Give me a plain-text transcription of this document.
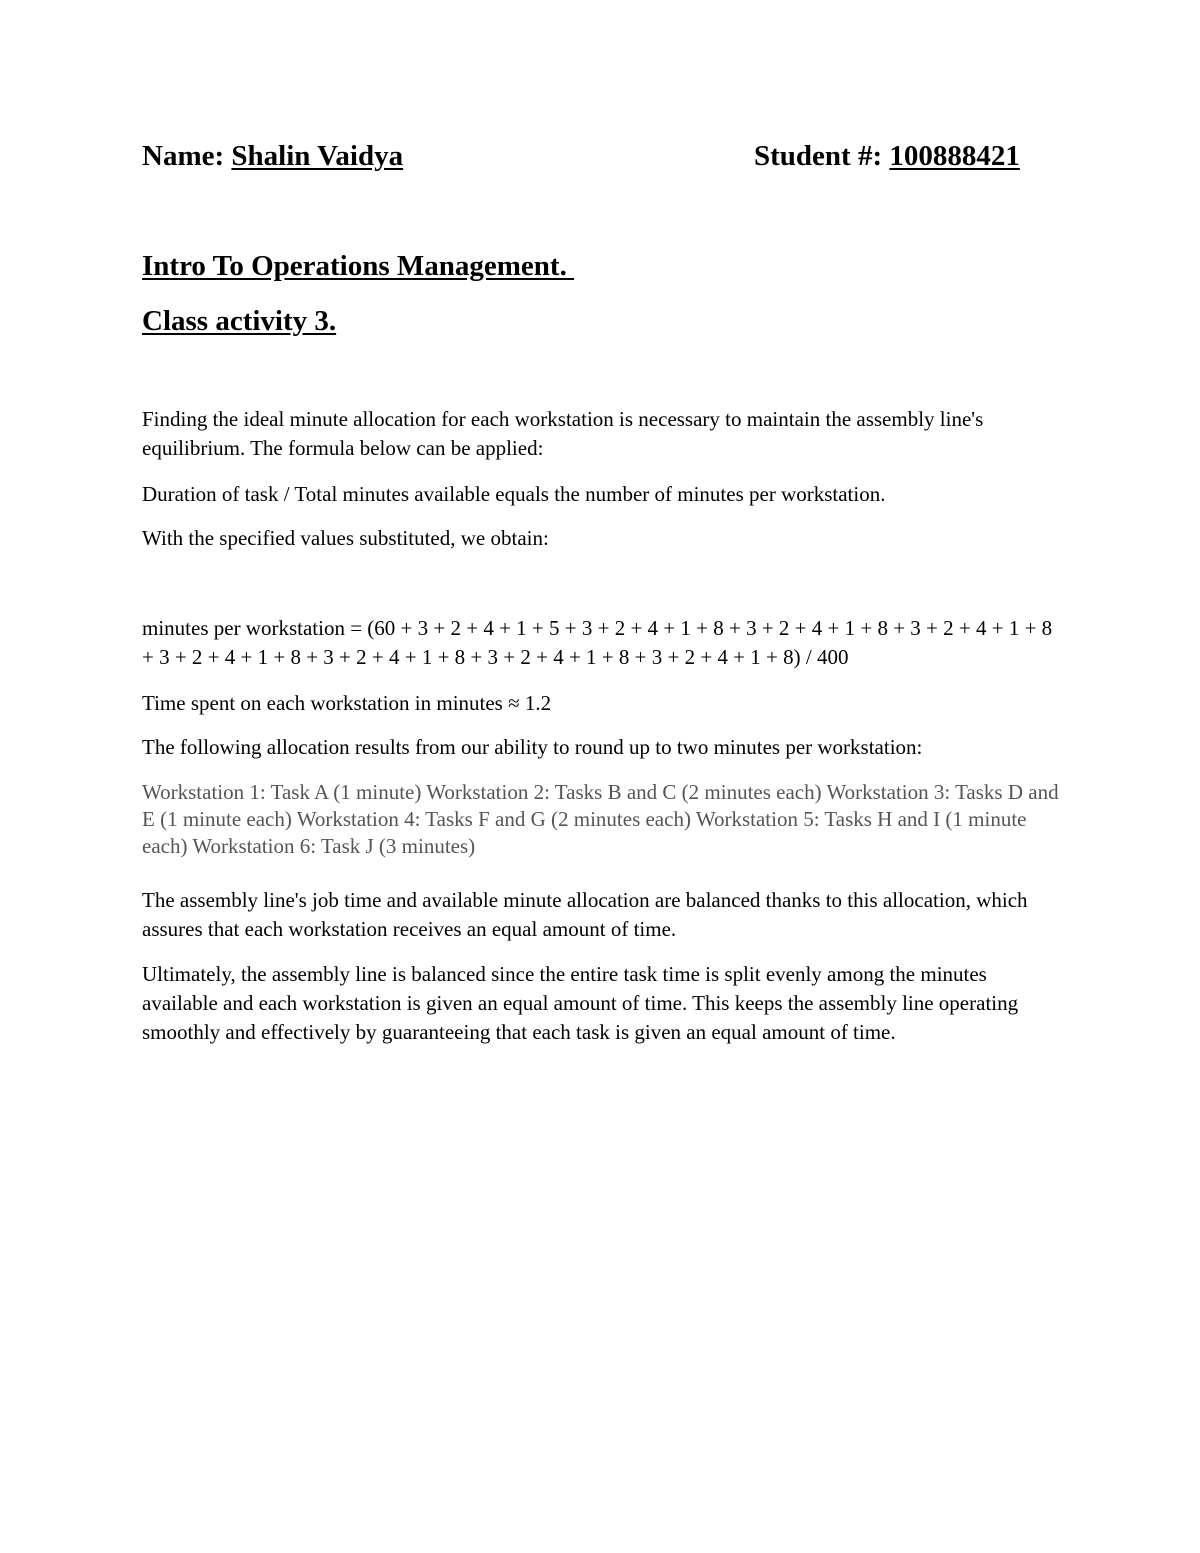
Name: Shalin Vaidya	Student #: 100888421
Intro To Operations Management.
Class activity 3.

Finding the ideal minute allocation for each workstation is necessary to maintain the assembly line's equilibrium. The formula below can be applied:

Duration of task / Total minutes available equals the number of minutes per workstation.

With the specified values substituted, we obtain:

minutes per workstation = (60 + 3 + 2 + 4 + 1 + 5 + 3 + 2 + 4 + 1 + 8 + 3 + 2 + 4 + 1 + 8 + 3 + 2 + 4 + 1 + 8 + 3 + 2 + 4 + 1 + 8 + 3 + 2 + 4 + 1 + 8 + 3 + 2 + 4 + 1 + 8 + 3 + 2 + 4 + 1 + 8) / 400

Time spent on each workstation in minutes ≈ 1.2

The following allocation results from our ability to round up to two minutes per workstation:

Workstation 1: Task A (1 minute) Workstation 2: Tasks B and C (2 minutes each) Workstation 3: Tasks D and E (1 minute each) Workstation 4: Tasks F and G (2 minutes each) Workstation 5: Tasks H and I (1 minute each) Workstation 6: Task J (3 minutes)

The assembly line's job time and available minute allocation are balanced thanks to this allocation, which assures that each workstation receives an equal amount of time.

Ultimately, the assembly line is balanced since the entire task time is split evenly among the minutes available and each workstation is given an equal amount of time. This keeps the assembly line operating smoothly and effectively by guaranteeing that each task is given an equal amount of time.
